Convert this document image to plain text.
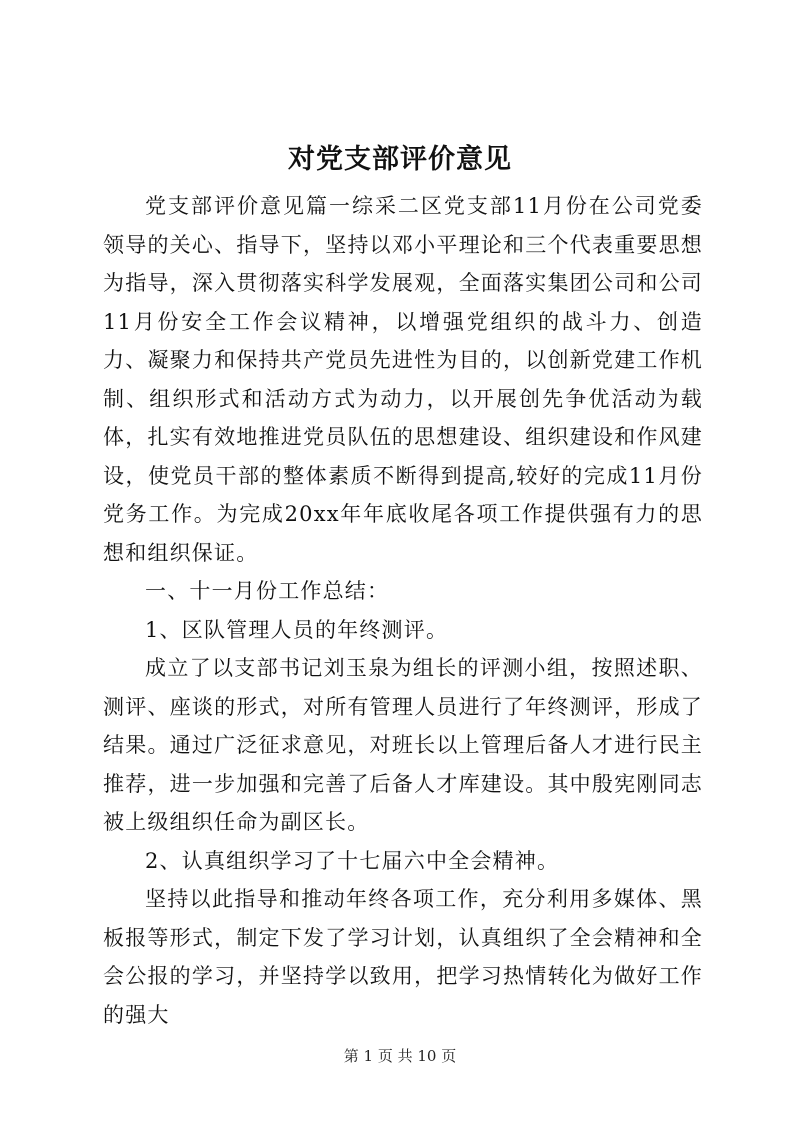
对党支部评价意见

党支部评价意见篇一综采二区党支部11月份在公司党委领导的关心、指导下，坚持以邓小平理论和三个代表重要思想为指导，深入贯彻落实科学发展观，全面落实集团公司和公司11月份安全工作会议精神，以增强党组织的战斗力、创造力、凝聚力和保持共产党员先进性为目的，以创新党建工作机制、组织形式和活动方式为动力，以开展创先争优活动为载体，扎实有效地推进党员队伍的思想建设、组织建设和作风建设，使党员干部的整体素质不断得到提高,较好的完成11月份党务工作。为完成20xx年年底收尾各项工作提供强有力的思想和组织保证。

一、十一月份工作总结：

1、区队管理人员的年终测评。

成立了以支部书记刘玉泉为组长的评测小组，按照述职、测评、座谈的形式，对所有管理人员进行了年终测评，形成了结果。通过广泛征求意见，对班长以上管理后备人才进行民主推荐，进一步加强和完善了后备人才库建设。其中殷宪刚同志被上级组织任命为副区长。

2、认真组织学习了十七届六中全会精神。

坚持以此指导和推动年终各项工作，充分利用多媒体、黑板报等形式，制定下发了学习计划，认真组织了全会精神和全会公报的学习，并坚持学以致用，把学习热情转化为做好工作的强大

第 1 页 共 10 页
